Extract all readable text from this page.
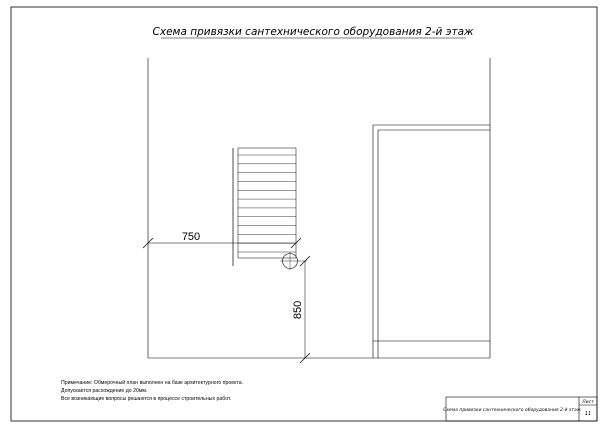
Схема привязки сантехнического оборудования 2-й этаж
750
850
Примечание: Обмерочный план выполнен на базе архитектурного проекта.
Допускается расхождение до 20мм.
Все возникающие вопросы решаются в процессе строительных работ.
Схема привязки сантехнического оборудования 2-й этаж
Лист
11
